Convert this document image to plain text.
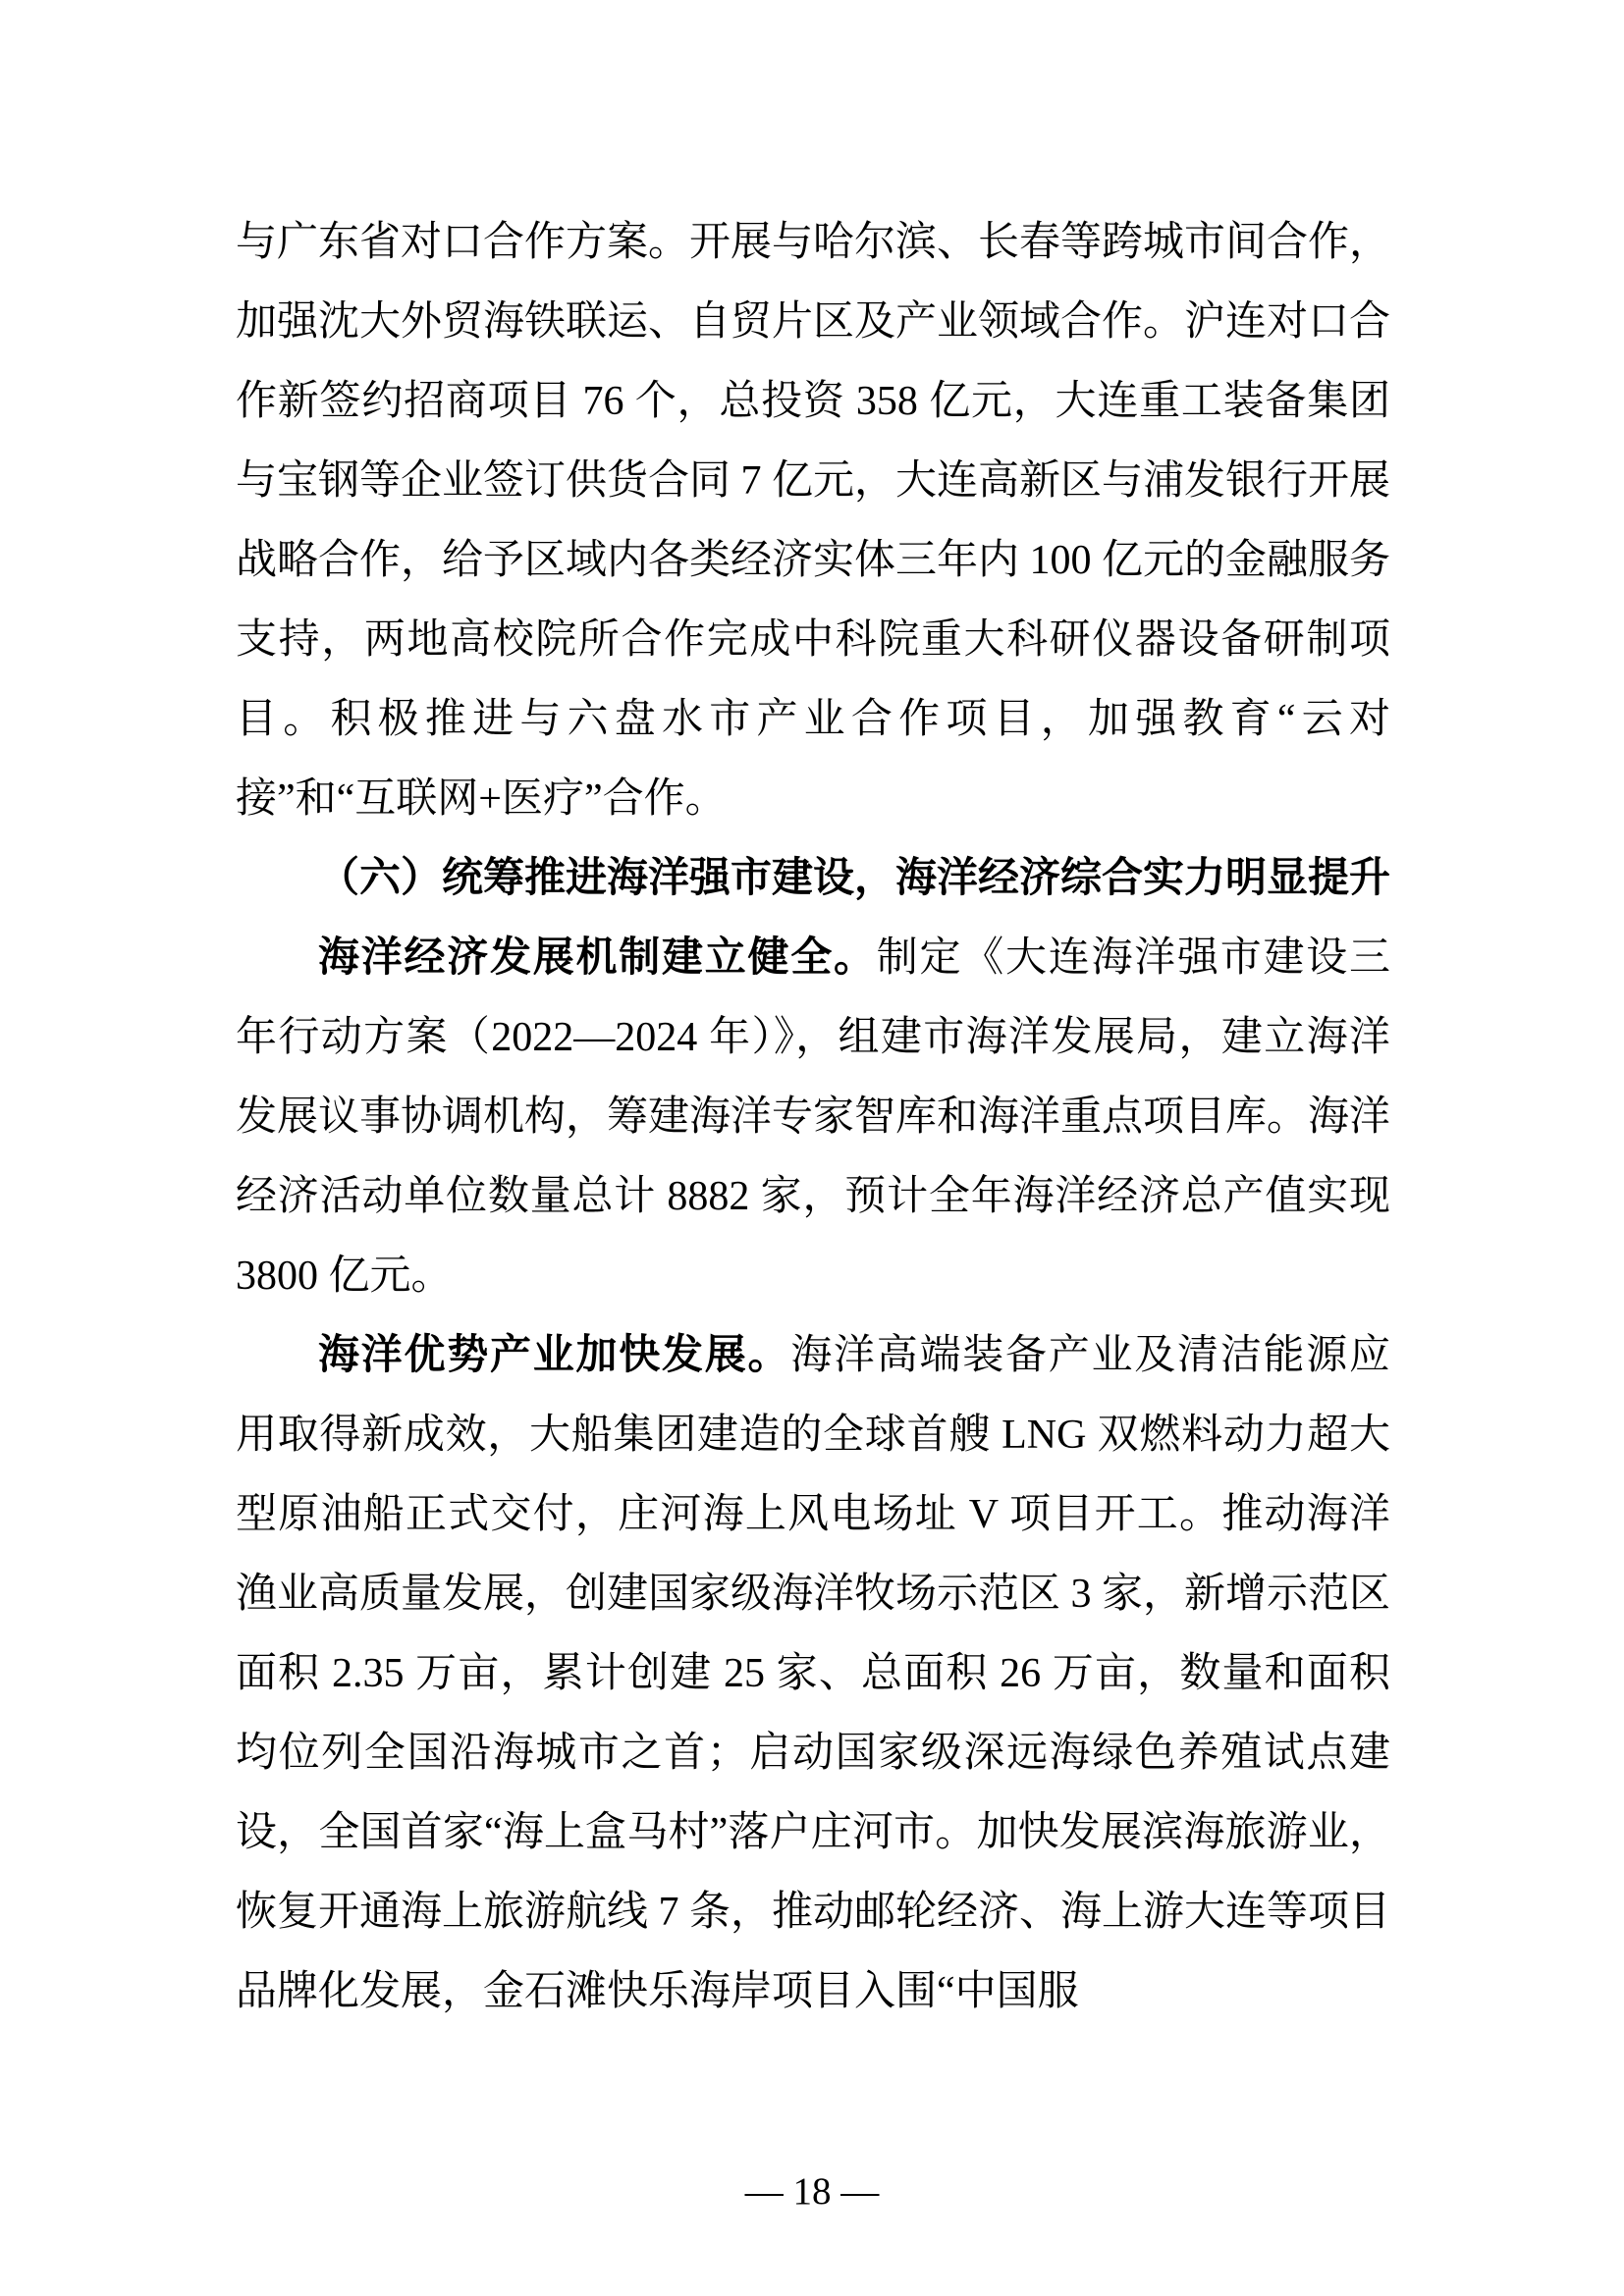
与广东省对口合作方案。开展与哈尔滨、长春等跨城市间合作，加强沈大外贸海铁联运、自贸片区及产业领域合作。沪连对口合作新签约招商项目 76 个，总投资 358 亿元，大连重工装备集团与宝钢等企业签订供货合同 7 亿元，大连高新区与浦发银行开展战略合作，给予区域内各类经济实体三年内 100 亿元的金融服务支持，两地高校院所合作完成中科院重大科研仪器设备研制项目。积极推进与六盘水市产业合作项目，加强教育“云对接”和“互联网+医疗”合作。

（六）统筹推进海洋强市建设，海洋经济综合实力明显提升

海洋经济发展机制建立健全。制定《大连海洋强市建设三年行动方案（2022—2024 年）》，组建市海洋发展局，建立海洋发展议事协调机构，筹建海洋专家智库和海洋重点项目库。海洋经济活动单位数量总计 8882 家，预计全年海洋经济总产值实现 3800 亿元。

海洋优势产业加快发展。海洋高端装备产业及清洁能源应用取得新成效，大船集团建造的全球首艘 LNG 双燃料动力超大型原油船正式交付，庄河海上风电场址 V 项目开工。推动海洋渔业高质量发展，创建国家级海洋牧场示范区 3 家，新增示范区面积 2.35 万亩，累计创建 25 家、总面积 26 万亩，数量和面积均位列全国沿海城市之首；启动国家级深远海绿色养殖试点建设，全国首家“海上盒马村”落户庄河市。加快发展滨海旅游业，恢复开通海上旅游航线 7 条，推动邮轮经济、海上游大连等项目品牌化发展，金石滩快乐海岸项目入围“中国服

— 18 —
